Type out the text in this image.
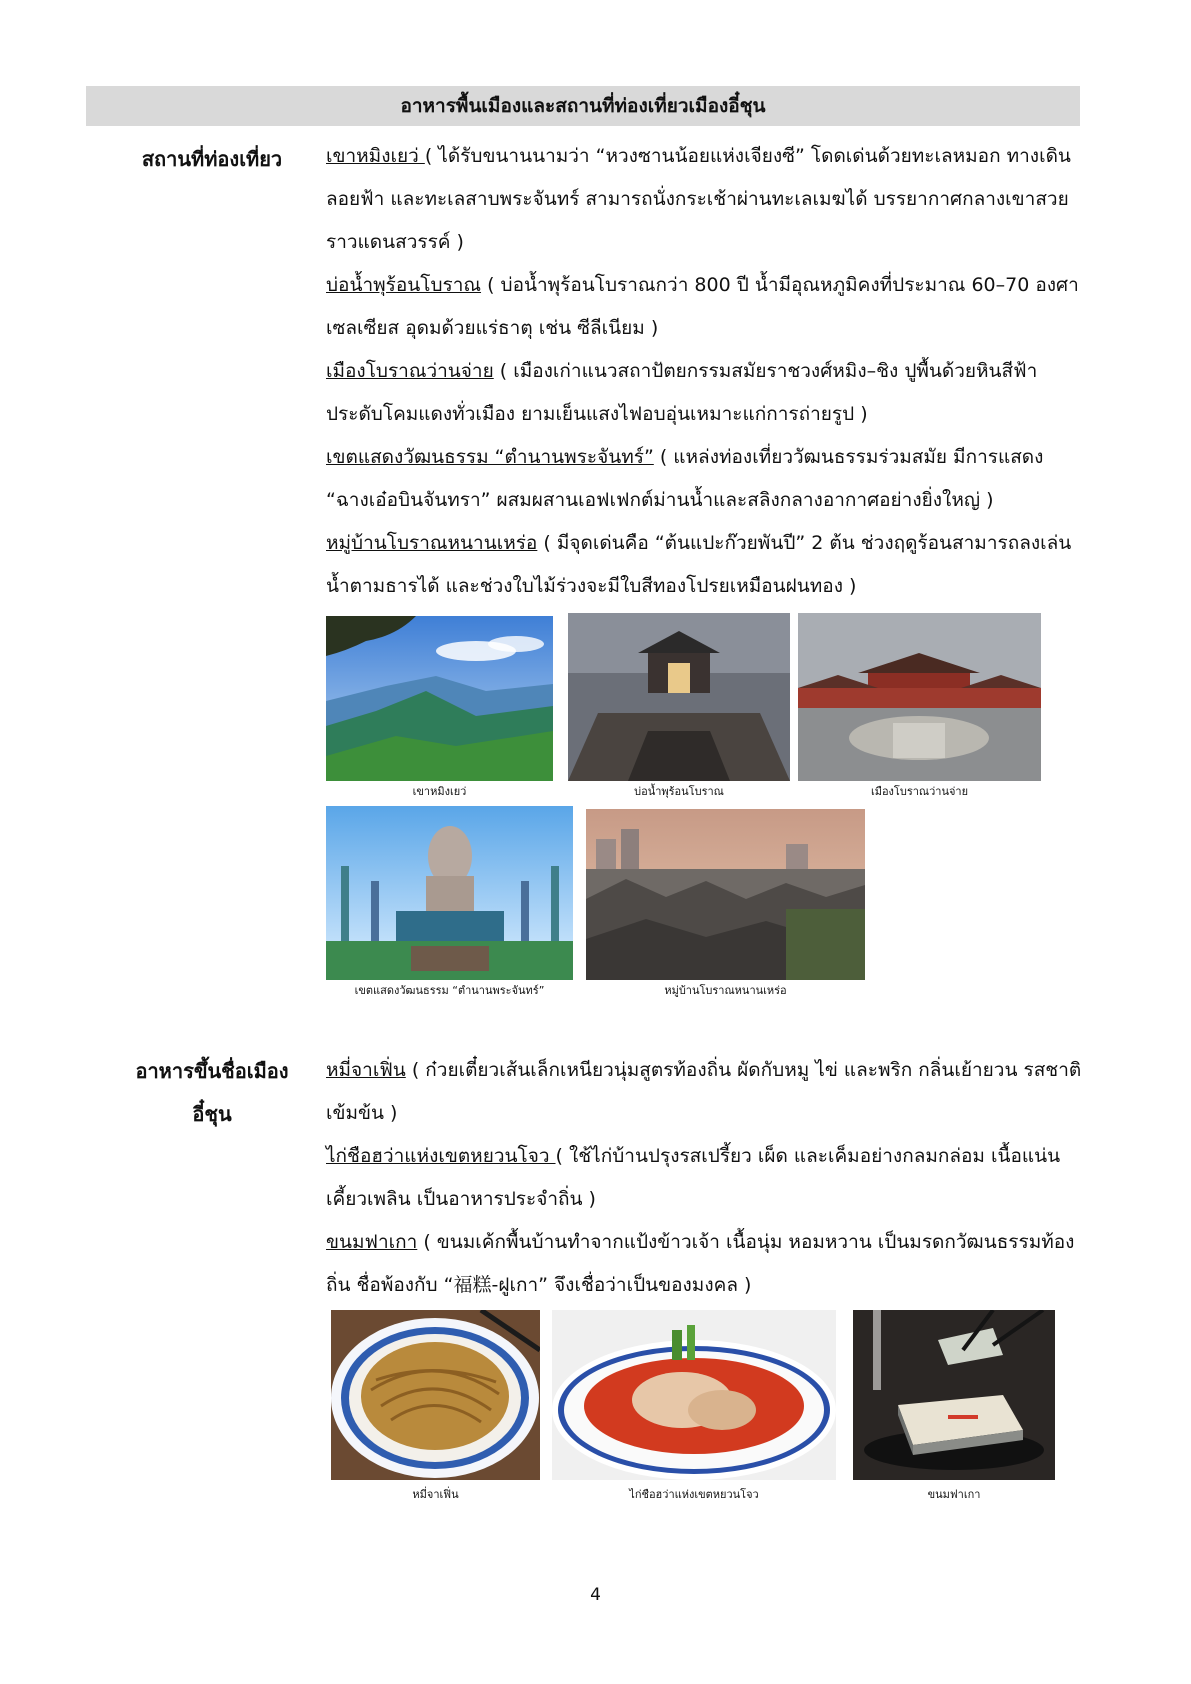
อาหารพื้นเมืองและสถานที่ท่องเที่ยวเมืองอี๋ชุน
สถานที่ท่องเที่ยว	เขาหมิงเยว่ ( ได้รับขนานนามว่า “หวงซานน้อยแห่งเจียงซี” โดดเด่นด้วยทะเลหมอก ทางเดินลอยฟ้า และทะเลสาบพระจันทร์ สามารถนั่งกระเช้าผ่านทะเลเมฆได้ บรรยากาศกลางเขาสวยราวแดนสวรรค์ )

บ่อน้ำพุร้อนโบราณ ( บ่อน้ำพุร้อนโบราณกว่า 800 ปี น้ำมีอุณหภูมิคงที่ประมาณ 60–70 องศาเซลเซียส อุดมด้วยแร่ธาตุ เช่น ซีลีเนียม )

เมืองโบราณว่านจ่าย ( เมืองเก่าแนวสถาปัตยกรรมสมัยราชวงศ์หมิง–ชิง ปูพื้นด้วยหินสีฟ้า ประดับโคมแดงทั่วเมือง ยามเย็นแสงไฟอบอุ่นเหมาะแก่การถ่ายรูป )

เขตแสดงวัฒนธรรม “ตำนานพระจันทร์” ( แหล่งท่องเที่ยววัฒนธรรมร่วมสมัย มีการแสดง “ฉางเอ๋อบินจันทรา” ผสมผสานเอฟเฟกต์ม่านน้ำและสลิงกลางอากาศอย่างยิ่งใหญ่ )

หมู่บ้านโบราณหนานเหร่อ ( มีจุดเด่นคือ “ต้นแปะก๊วยพันปี” 2 ต้น ช่วงฤดูร้อนสามารถลงเล่นน้ำตามธารได้ และช่วงใบไม้ร่วงจะมีใบสีทองโปรยเหมือนฝนทอง )

เขาหมิงเยว่	บ่อน้ำพุร้อนโบราณ	เมืองโบราณว่านจ่าย
เขตแสดงวัฒนธรรม “ตำนานพระจันทร์”	หมู่บ้านโบราณหนานเหร่อ
อาหารขึ้นชื่อเมือง
อี๋ชุน

หมี่จาเฟิ่น ( ก๋วยเตี๋ยวเส้นเล็กเหนียวนุ่มสูตรท้องถิ่น ผัดกับหมู ไข่ และพริก กลิ่นเย้ายวน รสชาติเข้มข้น )

ไก่ชือฮว่าแห่งเขตหยวนโจว ( ใช้ไก่บ้านปรุงรสเปรี้ยว เผ็ด และเค็มอย่างกลมกล่อม เนื้อแน่น เคี้ยวเพลิน เป็นอาหารประจำถิ่น )

ขนมฟาเกา ( ขนมเค้กพื้นบ้านทำจากแป้งข้าวเจ้า เนื้อนุ่ม หอมหวาน เป็นมรดกวัฒนธรรมท้องถิ่น ชื่อพ้องกับ “福糕-ฝูเกา” จึงเชื่อว่าเป็นของมงคล )

หมี่จาเฟิ่น	ไก่ชือฮว่าแห่งเขตหยวนโจว	ขนมฟาเกา
4
